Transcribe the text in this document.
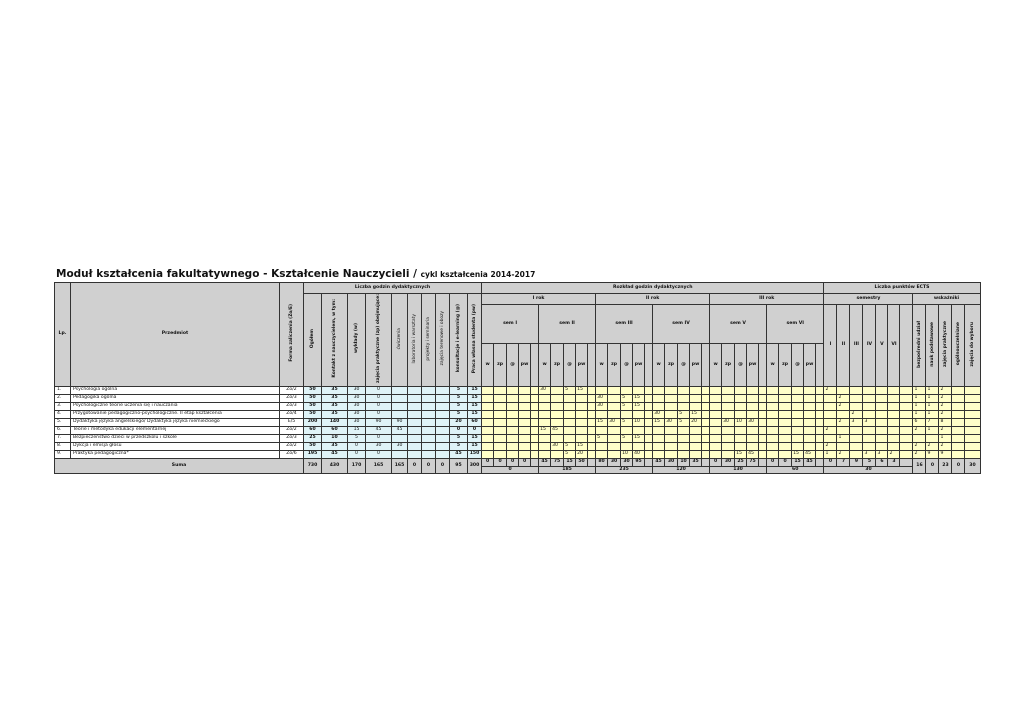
Moduł kształcenia fakultatywnego - Kształcenie Nauczycieli / cykl kształcenia 2014-2017
Lp.	Przedmiot	Forma zaliczenia (Zo/E)	Liczba godzin dydaktycznych										Rozkład godzin dydaktycznych																														Liczba punktów ECTS											
			Ogółem	Kontakt z nauczycielem, w tym:	wykłady (w)	zajęcia praktyczne (zp) obejmujące:	ćwiczenia	laboratoria i warsztaty	projekty i seminaria	zajęcia terenowe i obozy	konsultacje i e-learning (@)	Praca własna studenta (pw)	I rok										II rok										III rok										semestry							wskaźniki				
													sem I					sem II					sem III					sem IV					sem V					sem VI					I	II	III	IV	V	VI		bezpośredni udział	nauk podstawowe	zajęcia praktyczne	ogólnouczelniane	zajęcia do wyboru
													w	zp	@	pw		w	zp	@	pw		w	zp	@	pw		w	zp	@	pw		w	zp	@	pw		w	zp	@	pw													
1.	Psychologia ogólna	Zo/2	50	35	30	0					5	15						30		5	15																						2							1	1	2		
2.	Pedagogika ogólna	Zo/3	50	35	30	0					5	15											30		5	15																		2						1	1	2		
3.	Psychologiczne teorie uczenia się i nauczania	Zo/3	50	35	30	0					5	15											30		5	15																		2						1	1	2		
4.	Przygotowanie pedagogiczno-psychologiczne. II etap kształcenia	Zo/4	50	35	30	0					5	15																30		5	15														2					1	1	2		
5.	Dydaktyka języka angielskiego/ Dydaktyka języka niemieckiego	E/5	200	140	30	90	90				20	60											15	30	5	10		15	30	5	20			30	10	30								2	3	3				6	7	8		
6.	Teorie i metodyka edukacji elementarnej	Zo/2	60	60	15	45	45				0	0						15	45																								2							2	1	2		
7.	Bezpieczeństwo dzieci w przedszkolu i szkole	Zo/3	25	10	5	0					5	15											5		5	15																		1								1		
8.	Dykcja i emisja głosu	Zo/2	50	35	0	30	30				5	15							30	5	15																						2							2	2	2		
9.	Praktyka pedagogiczna*	Zo/6	195	45	0	0					45	150								5	20				10	40									15	45				15	45		1	2		3	3	2		2	9	9		
Suma			730	430	170	165	165	0	0	0	95	300	0	0	0	0		45	75	15	50		80	30	30	95		45	30	10	35		0	30	25	75		0	0	15	45		0	7	9	5	6	3		16	0	23	0	30
													0					185					235					120					130					60					30											
